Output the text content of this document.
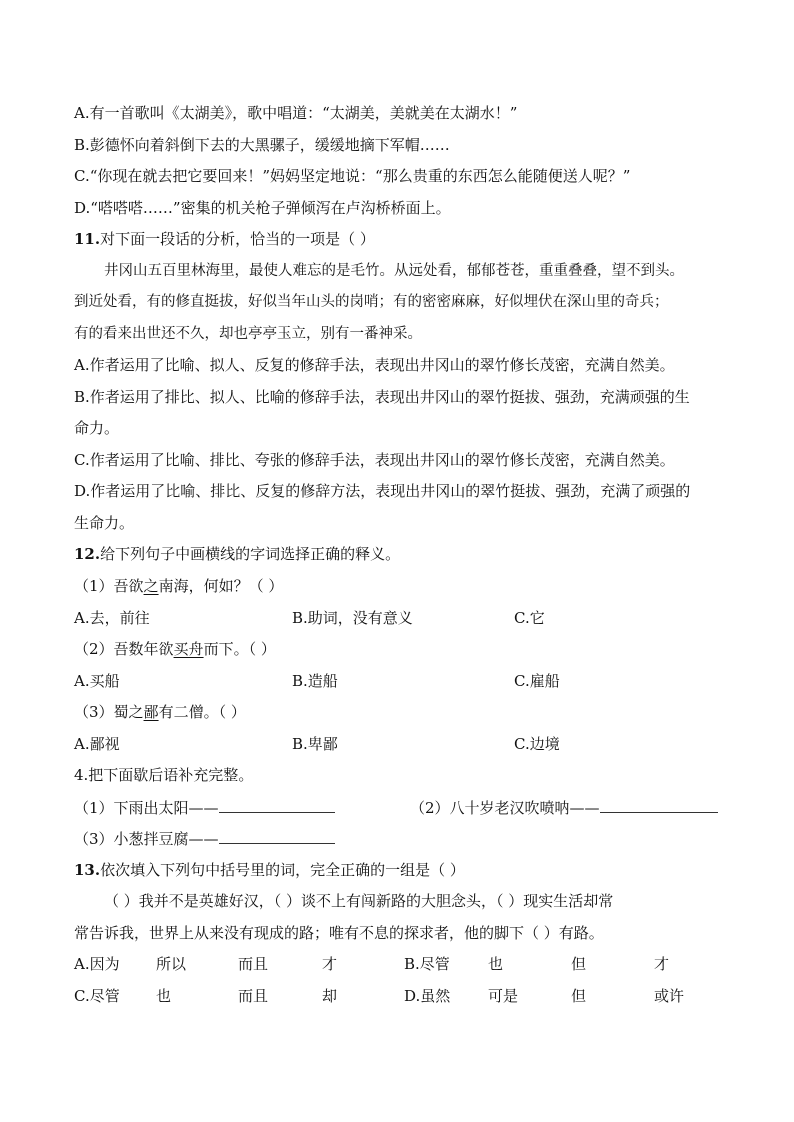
A.有一首歌叫《太湖美》，歌中唱道：“太湖美，美就美在太湖水！”
B.彭德怀向着斜倒下去的大黑骡子，缓缓地摘下军帽……
C.“你现在就去把它要回来！”妈妈坚定地说：“那么贵重的东西怎么能随便送人呢？”
D.“嗒嗒嗒……”密集的机关枪子弹倾泻在卢沟桥桥面上。
11.对下面一段话的分析，恰当的一项是（ ）
井冈山五百里林海里，最使人难忘的是毛竹。从远处看，郁郁苍苍，重重叠叠，望不到头。
到近处看，有的修直挺拔，好似当年山头的岗哨；有的密密麻麻，好似埋伏在深山里的奇兵；
有的看来出世还不久，却也亭亭玉立，别有一番神采。
A.作者运用了比喻、拟人、反复的修辞手法，表现出井冈山的翠竹修长茂密，充满自然美。
B.作者运用了排比、拟人、比喻的修辞手法，表现出井冈山的翠竹挺拔、强劲，充满顽强的生
命力。
C.作者运用了比喻、排比、夸张的修辞手法，表现出井冈山的翠竹修长茂密，充满自然美。
D.作者运用了比喻、排比、反复的修辞方法，表现出井冈山的翠竹挺拔、强劲，充满了顽强的
生命力。
12.给下列句子中画横线的字词选择正确的释义。
（1）吾欲之南海，何如？（ ）
A.去，前往	B.助词，没有意义	C.它
（2）吾数年欲买舟而下。（ ）
A.买船	B.造船	C.雇船
（3）蜀之鄙有二僧。（ ）
A.鄙视	B.卑鄙	C.边境
4.把下面歇后语补充完整。
（1）下雨出太阳——	（2）八十岁老汉吹喷呐——
（3）小葱拌豆腐——
13.依次填入下列句中括号里的词，完全正确的一组是（ ）
（ ）我并不是英雄好汉，（ ）谈不上有闯新路的大胆念头，（ ）现实生活却常
常告诉我，世界上从来没有现成的路；唯有不息的探求者，他的脚下（ ）有路。
A.因为 所以	而且	才	B.尽管	也	但	才
C.尽管 也	而且	却	D.虽然	可是	但	或许
